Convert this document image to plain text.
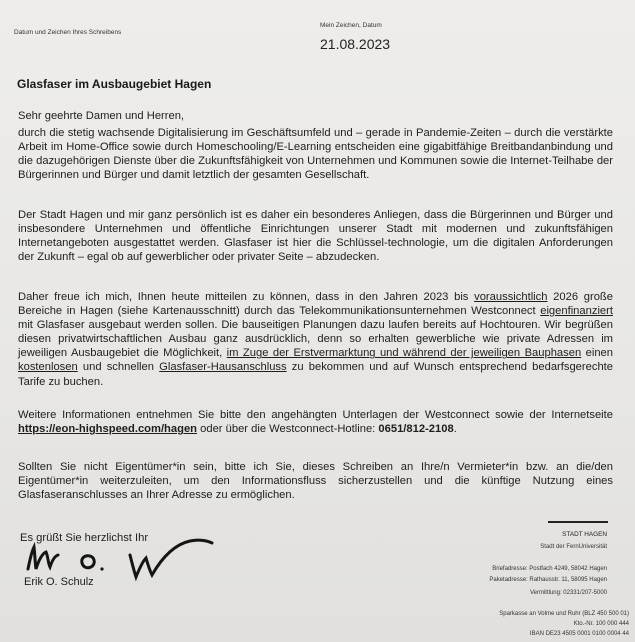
Datum und Zeichen Ihres Schreibens
Mein Zeichen, Datum
21.08.2023
Glasfaser im Ausbaugebiet Hagen
Sehr geehrte Damen und Herren,

durch die stetig wachsende Digitalisierung im Geschäftsumfeld und – gerade in Pandemie-Zeiten – durch die verstärkte Arbeit im Home-Office sowie durch Homeschooling/E-Learning entscheiden eine gigabitfähige Breitbandanbindung und die dazugehörigen Dienste über die Zukunftsfähigkeit von Unternehmen und Kommunen sowie die Internet-Teilhabe der Bürgerinnen und Bürger und damit letztlich der gesamten Gesellschaft.

Der Stadt Hagen und mir ganz persönlich ist es daher ein besonderes Anliegen, dass die Bürgerinnen und Bürger und insbesondere Unternehmen und öffentliche Einrichtungen unserer Stadt mit modernen und zukunftsfähigen Internetangeboten ausgestattet werden. Glasfaser ist hier die Schlüssel-technologie, um die digitalen Anforderungen der Zukunft – egal ob auf gewerblicher oder privater Seite – abzudecken.

Daher freue ich mich, Ihnen heute mitteilen zu können, dass in den Jahren 2023 bis voraussichtlich 2026 große Bereiche in Hagen (siehe Kartenausschnitt) durch das Telekommunikationsunternehmen Westconnect eigenfinanziert mit Glasfaser ausgebaut werden sollen. Die bauseitigen Planungen dazu laufen bereits auf Hochtouren. Wir begrüßen diesen privatwirtschaftlichen Ausbau ganz ausdrücklich, denn so erhalten gewerbliche wie private Adressen im jeweiligen Ausbaugebiet die Möglichkeit, im Zuge der Erstvermarktung und während der jeweiligen Bauphasen einen kostenlosen und schnellen Glasfaser-Hausanschluss zu bekommen und auf Wunsch entsprechend bedarfsgerechte Tarife zu buchen.

Weitere Informationen entnehmen Sie bitte den angehängten Unterlagen der Westconnect sowie der Internetseite https://eon-highspeed.com/hagen oder über die Westconnect-Hotline: 0651/812-2108.

Sollten Sie nicht Eigentümer*in sein, bitte ich Sie, dieses Schreiben an Ihre/n Vermieter*in bzw. an die/den Eigentümer*in weiterzuleiten, um den Informationsfluss sicherzustellen und die künftige Nutzung eines Glasfaseranschlusses an Ihrer Adresse zu ermöglichen.

Es grüßt Sie herzlichst Ihr
Erik O. Schulz
STADT HAGEN
Stadt der FernUniversität
Briefadresse: Postfach 4249, 58042 Hagen
Paketadresse: Rathausstr. 11, 58095 Hagen
Vermittlung: 02331/207-5000
Sparkasse an Volme und Ruhr (BLZ 450 500 01)
Kto.-Nr. 100 000 444
IBAN DE23 4505 0001 0100 0004 44
